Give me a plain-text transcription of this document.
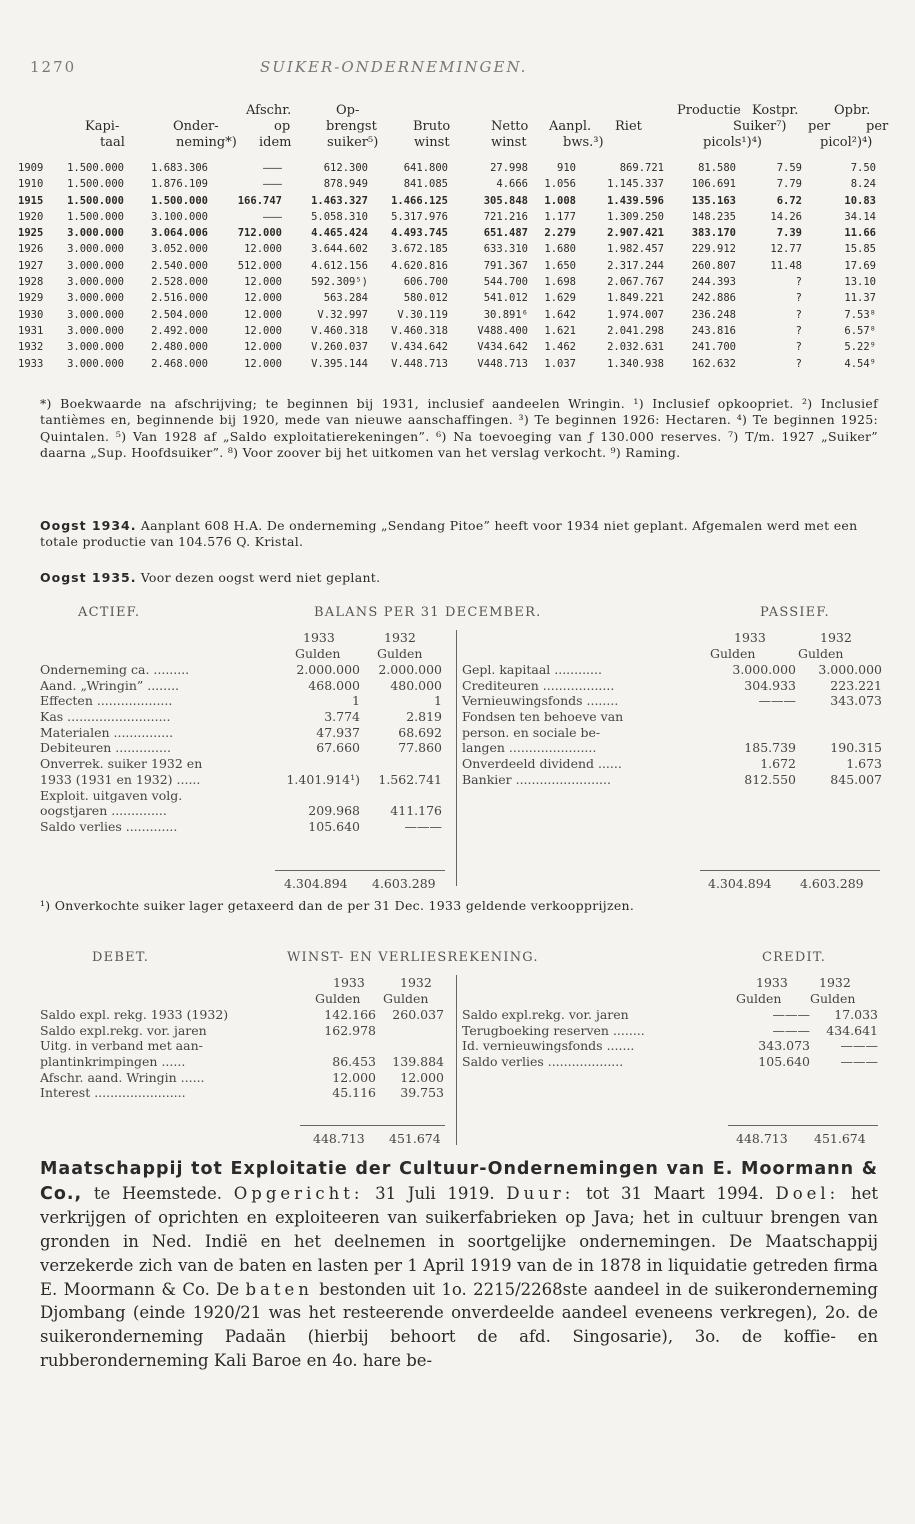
1270	SUIKER-ONDERNEMINGEN.
Afschr.	Op-	Productie Kostpr.	Opbr.
Kapi-	Onder-	op	brengst	Bruto	Netto Aanpl. Riet	Suiker⁷) per	per
taal	neming*) idem	suiker⁵)	winst	winst	bws.³)	picols¹)⁴)	picol²)⁴)
1909	1.500.000	1.683.306	———	612.300	641.800	27.998	910	869.721	81.580	7.59	7.50
1910	1.500.000	1.876.109	———	878.949	841.085	4.666	1.056	1.145.337	106.691	7.79	8.24
1915	1.500.000	1.500.000	166.747	1.463.327	1.466.125	305.848	1.008	1.439.596	135.163	6.72	10.83
1920	1.500.000	3.100.000	———	5.058.310	5.317.976	721.216	1.177	1.309.250	148.235	14.26	34.14
1925	3.000.000	3.064.006	712.000	4.465.424	4.493.745	651.487	2.279	2.907.421	383.170	7.39	11.66
1926	3.000.000	3.052.000	12.000	3.644.602	3.672.185	633.310	1.680	1.982.457	229.912	12.77	15.85
1927	3.000.000	2.540.000	512.000	4.612.156	4.620.816	791.367	1.650	2.317.244	260.807	11.48	17.69
1928	3.000.000	2.528.000	12.000	592.309⁵)	606.700	544.700	1.698	2.067.767	244.393	?	13.10
1929	3.000.000	2.516.000	12.000	563.284	580.012	541.012	1.629	1.849.221	242.886	?	11.37
1930	3.000.000	2.504.000	12.000	V.32.997	V.30.119	30.891⁶	1.642	1.974.007	236.248	?	7.53⁸
1931	3.000.000	2.492.000	12.000	V.460.318	V.460.318	V488.400	1.621	2.041.298	243.816	?	6.57⁸
1932	3.000.000	2.480.000	12.000	V.260.037	V.434.642	V434.642	1.462	2.032.631	241.700	?	5.22⁹
1933	3.000.000	2.468.000	12.000	V.395.144	V.448.713	V448.713	1.037	1.340.938	162.632	?	4.54⁹

*) Boekwaarde na afschrijving; te beginnen bij 1931, inclusief aandeelen Wringin. ¹) Inclusief opkoopriet. ²) Inclusief tantièmes en, beginnende bij 1920, mede van nieuwe aanschaffingen. ³) Te beginnen 1926: Hectaren. ⁴) Te beginnen 1925: Quintalen. ⁵) Van 1928 af „Saldo exploitatierekeningen”. ⁶) Na toevoeging van ƒ 130.000 reserves. ⁷) T/m. 1927 „Suiker” daarna „Sup. Hoofdsuiker”. ⁸) Voor zoover bij het uitkomen van het verslag verkocht. ⁹) Raming.

Oogst 1934. Aanplant 608 H.A. De onderneming „Sendang Pitoe” heeft voor 1934 niet geplant. Afgemalen werd met een totale productie van 104.576 Q. Kristal.
Oogst 1935. Voor dezen oogst werd niet geplant.
ACTIEF.	BALANS PER 31 DECEMBER.	PASSIEF.
1933	1932	1933	1932
Gulden	Gulden	Gulden	Gulden
Onderneming ca. .........	2.000.000	2.000.000
Aand. „Wringin” ........	468.000	480.000
Effecten ...................	1	1
Kas ..........................	3.774	2.819
Materialen ...............	47.937	68.692
Debiteuren ..............	67.660	77.860
Onverrek. suiker 1932 en
1933 (1931 en 1932) ......	1.401.914¹)	1.562.741
Exploit. uitgaven volg.
oogstjaren ..............	209.968	411.176
Saldo verlies .............	105.640	———
Gepl. kapitaal ............	3.000.000	3.000.000
Crediteuren ..................	304.933	223.221
Vernieuwingsfonds ........	———	343.073
Fondsen ten behoeve van
person. en sociale be-
langen ......................	185.739	190.315
Onverdeeld dividend ......	1.672	1.673
Bankier ........................	812.550	845.007
4.304.894 4.603.289	4.304.894 4.603.289

¹) Onverkochte suiker lager getaxeerd dan de per 31 Dec. 1933 geldende verkoopprijzen.

DEBET.	WINST- EN VERLIESREKENING.	CREDIT.
1933	1932	1933 1932
Gulden Gulden	Gulden Gulden
Saldo expl. rekg. 1933 (1932)	142.166	260.037
Saldo expl.rekg. vor. jaren	162.978
Uitg. in verband met aan-
plantinkrimpingen ......	86.453	139.884
Afschr. aand. Wringin ......	12.000	12.000
Interest .......................	45.116	39.753
Saldo expl.rekg. vor. jaren	———	17.033
Terugboeking reserven ........	———	434.641
Id. vernieuwingsfonds .......	343.073	———
Saldo verlies ...................	105.640	———
448.713 451.674	448.713 451.674

Maatschappij tot Exploitatie der Cultuur-Ondernemingen van E. Moormann & Co., te Heemstede. Opgericht: 31 Juli 1919. Duur: tot 31 Maart 1994. Doel: het verkrijgen of oprichten en exploiteeren van suikerfabrieken op Java; het in cultuur brengen van gronden in Ned. Indië en het deelnemen in soortgelijke ondernemingen. De Maatschappij verzekerde zich van de baten en lasten per 1 April 1919 van de in 1878 in liquidatie getreden firma E. Moormann & Co. De baten bestonden uit 1o. 2215/2268ste aandeel in de suikeronderneming Djombang (einde 1920/21 was het resteerende onverdeelde aandeel eveneens verkregen), 2o. de suikeronderneming Padaän (hierbij behoort de afd. Singosarie), 3o. de koffie- en rubberonderneming Kali Baroe en 4o. hare be-
